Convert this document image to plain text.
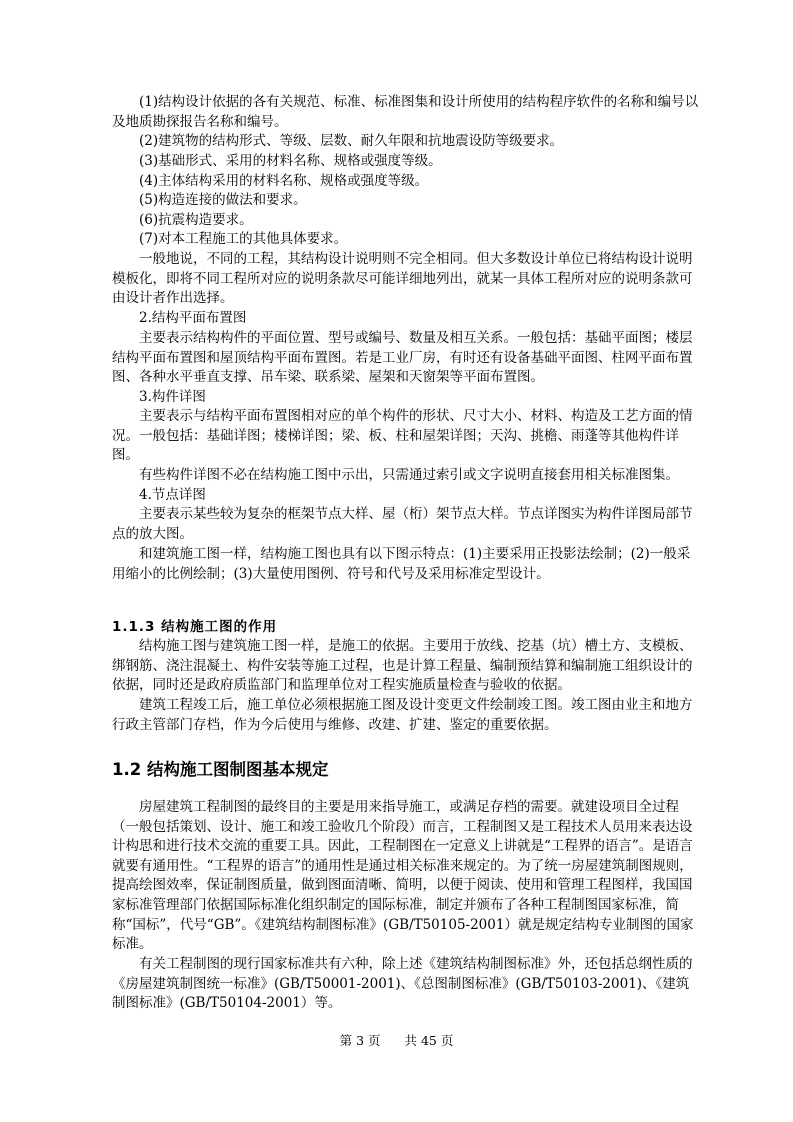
(1)结构设计依据的各有关规范、标准、标准图集和设计所使用的结构程序软件的名称和编号以及地质勘探报告名称和编号。
(2)建筑物的结构形式、等级、层数、耐久年限和抗地震设防等级要求。
(3)基础形式、采用的材料名称、规格或强度等级。
(4)主体结构采用的材料名称、规格或强度等级。
(5)构造连接的做法和要求。
(6)抗震构造要求。
(7)对本工程施工的其他具体要求。
一般地说，不同的工程，其结构设计说明则不完全相同。但大多数设计单位已将结构设计说明模板化，即将不同工程所对应的说明条款尽可能详细地列出，就某一具体工程所对应的说明条款可由设计者作出选择。
2.结构平面布置图
主要表示结构构件的平面位置、型号或编号、数量及相互关系。一般包括：基础平面图；楼层结构平面布置图和屋顶结构平面布置图。若是工业厂房，有时还有设备基础平面图、柱网平面布置图、各种水平垂直支撑、吊车梁、联系梁、屋架和天窗架等平面布置图。
3.构件详图
主要表示与结构平面布置图相对应的单个构件的形状、尺寸大小、材料、构造及工艺方面的情况。一般包括：基础详图；楼梯详图；梁、板、柱和屋架详图；天沟、挑檐、雨蓬等其他构件详图。
有些构件详图不必在结构施工图中示出，只需通过索引或文字说明直接套用相关标准图集。
4.节点详图
主要表示某些较为复杂的框架节点大样、屋（桁）架节点大样。节点详图实为构件详图局部节点的放大图。
和建筑施工图一样，结构施工图也具有以下图示特点：(1)主要采用正投影法绘制；(2)一般采用缩小的比例绘制；(3)大量使用图例、符号和代号及采用标准定型设计。
1.1.3 结构施工图的作用
结构施工图与建筑施工图一样，是施工的依据。主要用于放线、挖基（坑）槽土方、支模板、绑钢筋、浇注混凝土、构件安装等施工过程，也是计算工程量、编制预结算和编制施工组织设计的依据，同时还是政府质监部门和监理单位对工程实施质量检查与验收的依据。
建筑工程竣工后，施工单位必须根据施工图及设计变更文件绘制竣工图。竣工图由业主和地方行政主管部门存档，作为今后使用与维修、改建、扩建、鉴定的重要依据。
1.2 结构施工图制图基本规定
房屋建筑工程制图的最终目的主要是用来指导施工，或满足存档的需要。就建设项目全过程（一般包括策划、设计、施工和竣工验收几个阶段）而言，工程制图又是工程技术人员用来表达设计构思和进行技术交流的重要工具。因此，工程制图在一定意义上讲就是“工程界的语言”。是语言就要有通用性。“工程界的语言”的通用性是通过相关标准来规定的。为了统一房屋建筑制图规则，提高绘图效率，保证制图质量，做到图面清晰、简明，以便于阅读、使用和管理工程图样，我国国家标准管理部门依据国际标准化组织制定的国际标准，制定并颁布了各种工程制图国家标准，简称“国标”，代号“GB”。《建筑结构制图标准》(GB/T50105-2001）就是规定结构专业制图的国家标准。
有关工程制图的现行国家标准共有六种，除上述《建筑结构制图标准》外，还包括总纲性质的《房屋建筑制图统一标准》(GB/T50001-2001)、《总图制图标准》(GB/T50103-2001)、《建筑制图标准》(GB/T50104-2001）等。
第 3 页 共 45 页
